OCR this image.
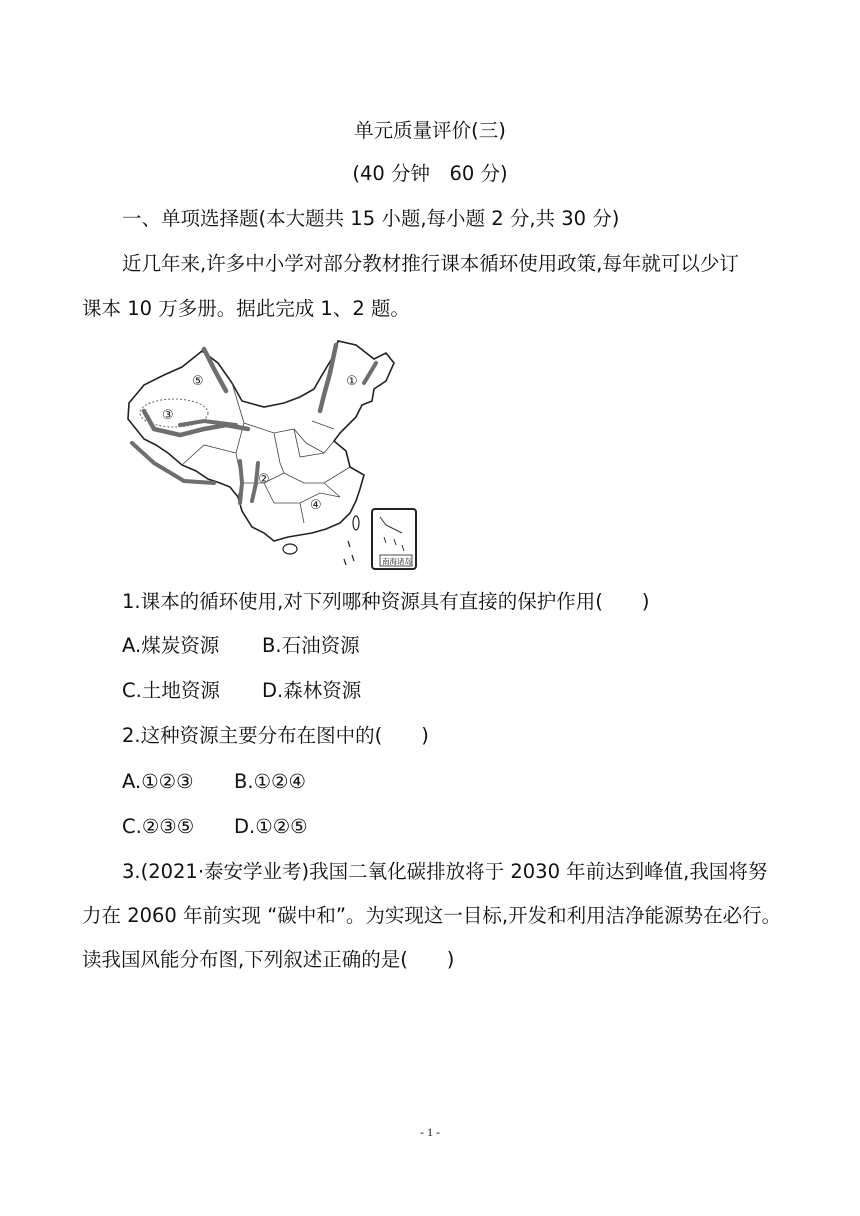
单元质量评价(三)
(40 分钟　60 分)
一、单项选择题(本大题共 15 小题,每小题 2 分,共 30 分)
近几年来,许多中小学对部分教材推行课本循环使用政策,每年就可以少订
课本 10 万多册。据此完成 1、2 题。
①
②
③
④
⑤
南海诸岛
1.课本的循环使用,对下列哪种资源具有直接的保护作用(　　)
A.煤炭资源 B.石油资源
C.土地资源 D.森林资源
2.这种资源主要分布在图中的(　　)
A.①②③ B.①②④
C.②③⑤ D.①②⑤
3.(2021·泰安学业考)我国二氧化碳排放将于 2030 年前达到峰值,我国将努
力在 2060 年前实现 “碳中和”。为实现这一目标,开发和利用洁净能源势在必行。
读我国风能分布图,下列叙述正确的是(　　)
- 1 -
